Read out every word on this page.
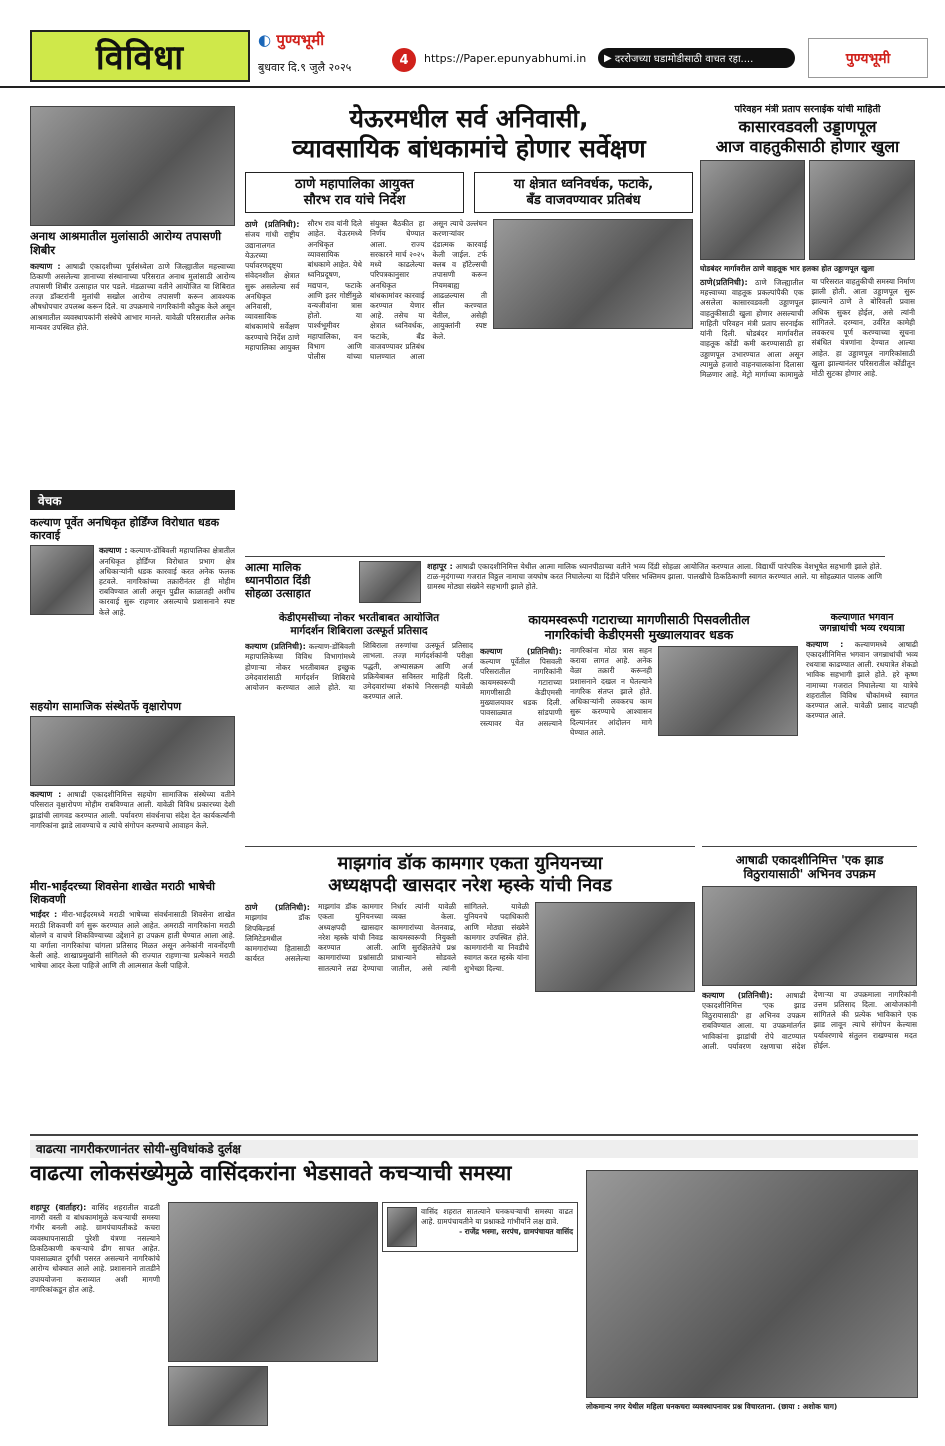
विविधा	◐ पुण्यभूमी
बुधवार दि.९ जुलै २०२५	4	https://Paper.epunyabhumi.in	▶ दररोजच्या घडामोडीसाठी वाचत रहा....	पुण्यभूमी
अनाथ आश्रमातील मुलांसाठी आरोग्य तपासणी शिबीर
कल्याण : आषाढी एकादशीच्या पूर्वसंध्येला ठाणे जिल्ह्यातील महत्त्वाच्या ठिकाणी असलेल्या ज्ञानाच्या संस्थानाच्या परिसरात अनाथ मुलांसाठी आरोग्य तपासणी शिबीर उत्साहात पार पडले. मंडळाच्या वतीने आयोजित या शिबिरात तज्ज्ञ डॉक्टरांनी मुलांची सखोल आरोग्य तपासणी करून आवश्यक औषधोपचार उपलब्ध करून दिले. या उपक्रमाचे नागरिकांनी कौतुक केले असून आश्रमातील व्यवस्थापकांनी संस्थेचे आभार मानले. यावेळी परिसरातील अनेक मान्यवर उपस्थित होते.
वेचक
कल्याण पूर्वेत अनधिकृत होर्डिंग्ज विरोधात धडक कारवाई
कल्याण : कल्याण-डोंबिवली महापालिका क्षेत्रातील अनधिकृत होर्डिंग्ज विरोधात प्रभाग क्षेत्र अधिकाऱ्यांनी धडक कारवाई करत अनेक फलक हटवले. नागरिकांच्या तक्रारीनंतर ही मोहीम राबविण्यात आली असून पुढील काळातही अशीच कारवाई सुरू राहणार असल्याचे प्रशासनाने स्पष्ट केले आहे.
सहयोग सामाजिक संस्थेतर्फे वृक्षारोपण
कल्याण : आषाढी एकादशीनिमित्त सहयोग सामाजिक संस्थेच्या वतीने परिसरात वृक्षारोपण मोहीम राबविण्यात आली. यावेळी विविध प्रकारच्या देशी झाडांची लागवड करण्यात आली. पर्यावरण संवर्धनाचा संदेश देत कार्यकर्त्यांनी नागरिकांना झाडे लावण्याचे व त्यांचे संगोपन करण्याचे आवाहन केले.
मीरा-भाईंदरच्या शिवसेना शाखेत मराठी भाषेची शिकवणी
भाईंदर : मीरा-भाईंदरमध्ये मराठी भाषेच्या संवर्धनासाठी शिवसेना शाखेत मराठी शिकवणी वर्ग सुरू करण्यात आले आहेत. अमराठी नागरिकांना मराठी बोलणे व वाचणे शिकविण्याच्या उद्देशाने हा उपक्रम हाती घेण्यात आला आहे. या वर्गाला नागरिकांचा चांगला प्रतिसाद मिळत असून अनेकांनी नावनोंदणी केली आहे. शाखाप्रमुखांनी सांगितले की राज्यात राहणाऱ्या प्रत्येकाने मराठी भाषेचा आदर केला पाहिजे आणि ती आत्मसात केली पाहिजे.
येऊरमधील सर्व अनिवासी,
व्यावसायिक बांधकामांचे होणार सर्वेक्षण
ठाणे महापालिका आयुक्त
सौरभ राव यांचे निर्देश
या क्षेत्रात ध्वनिवर्धक, फटाके,
बँड वाजवण्यावर प्रतिबंध
ठाणे (प्रतिनिधी): संजय गांधी राष्ट्रीय उद्यानालगत येऊरच्या पर्यावरणदृष्ट्या संवेदनशील क्षेत्रात सुरू असलेल्या सर्व अनधिकृत अनिवासी, व्यावसायिक बांधकामांचे सर्वेक्षण करण्याचे निर्देश ठाणे महापालिका आयुक्त सौरभ राव यांनी दिले आहेत. येऊरमध्ये अनधिकृत व्यावसायिक बांधकामे आहेत. येथे ध्वनिप्रदूषण, मद्यपान, फटाके आणि इतर गोष्टींमुळे वन्यजीवांना त्रास होतो. या पार्श्वभूमीवर महापालिका, वन विभाग आणि पोलीस यांच्या संयुक्त बैठकीत हा निर्णय घेण्यात आला. राज्य सरकारने मार्च २०२५ मध्ये काढलेल्या परिपत्रकानुसार अनधिकृत बांधकामांवर कारवाई करण्यात येणार आहे. तसेच या क्षेत्रात ध्वनिवर्धक, फटाके, बँड वाजवण्यावर प्रतिबंध घालण्यात आला असून त्याचे उल्लंघन करणाऱ्यांवर दंडात्मक कारवाई केली जाईल. टर्फ क्लब व हॉटेल्सची तपासणी करून नियमबाह्य आढळल्यास ती सील करण्यात येतील, असेही आयुक्तांनी स्पष्ट केले.
परिवहन मंत्री प्रताप सरनाईक यांची माहिती
कासारवडवली उड्डाणपूल
आज वाहतुकीसाठी होणार खुला
घोडबंदर मार्गावरील ठाणे वाहतूक भार हलका होत उड्डाणपूल खुला
ठाणे(प्रतिनिधी): ठाणे जिल्ह्यातील महत्त्वाच्या वाहतूक प्रकल्पांपैकी एक असलेला कासारवडवली उड्डाणपूल वाहतुकीसाठी खुला होणार असल्याची माहिती परिवहन मंत्री प्रताप सरनाईक यांनी दिली. घोडबंदर मार्गावरील वाहतूक कोंडी कमी करण्यासाठी हा उड्डाणपूल उभारण्यात आला असून त्यामुळे हजारो वाहनचालकांना दिलासा मिळणार आहे. मेट्रो मार्गाच्या कामामुळे या परिसरात वाहतुकीची समस्या निर्माण झाली होती. आता उड्डाणपूल सुरू झाल्याने ठाणे ते बोरिवली प्रवास अधिक सुकर होईल, असे त्यांनी सांगितले. दरम्यान, उर्वरित कामेही लवकरच पूर्ण करण्याच्या सूचना संबंधित यंत्रणांना देण्यात आल्या आहेत. हा उड्डाणपूल नागरिकांसाठी खुला झाल्यानंतर परिसरातील कोंडीतून मोठी सुटका होणार आहे.
आत्मा मालिक
ध्यानपीठात दिंडी
सोहळा उत्साहात
शहापूर : आषाढी एकादशीनिमित्त येथील आत्मा मालिक ध्यानपीठाच्या वतीने भव्य दिंडी सोहळा आयोजित करण्यात आला. विद्यार्थी पारंपरिक वेशभूषेत सहभागी झाले होते. टाळ-मृदंगाच्या गजरात विठ्ठल नामाचा जयघोष करत निघालेल्या या दिंडीने परिसर भक्तिमय झाला. पालखीचे ठिकठिकाणी स्वागत करण्यात आले. या सोहळ्यात पालक आणि ग्रामस्थ मोठ्या संख्येने सहभागी झाले होते.
केडीएमसीच्या नोकर भरतीबाबत आयोजित
मार्गदर्शन शिबिराला उत्स्फूर्त प्रतिसाद
कल्याण (प्रतिनिधी): कल्याण-डोंबिवली महापालिकेच्या विविध विभागांमध्ये होणाऱ्या नोकर भरतीबाबत इच्छुक उमेदवारांसाठी मार्गदर्शन शिबिराचे आयोजन करण्यात आले होते. या शिबिराला तरुणांचा उत्स्फूर्त प्रतिसाद लाभला. तज्ज्ञ मार्गदर्शकांनी परीक्षा पद्धती, अभ्यासक्रम आणि अर्ज प्रक्रियेबाबत सविस्तर माहिती दिली. उमेदवारांच्या शंकांचे निरसनही यावेळी करण्यात आले.
कायमस्वरूपी गटाराच्या मागणीसाठी पिसवलीतील
नागरिकांची केडीएमसी मुख्यालयावर धडक
कल्याण (प्रतिनिधी): कल्याण पूर्वेतील पिसवली परिसरातील नागरिकांनी कायमस्वरूपी गटाराच्या मागणीसाठी केडीएमसी मुख्यालयावर धडक दिली. पावसाळ्यात सांडपाणी रस्त्यावर येत असल्याने नागरिकांना मोठा त्रास सहन करावा लागत आहे. अनेक वेळा तक्रारी करूनही प्रशासनाने दखल न घेतल्याने नागरिक संतप्त झाले होते. अधिकाऱ्यांनी लवकरच काम सुरू करण्याचे आश्वासन दिल्यानंतर आंदोलन मागे घेण्यात आले.
कल्याणात भगवान
जगन्नाथांची भव्य रथयात्रा
कल्याण : कल्याणमध्ये आषाढी एकादशीनिमित्त भगवान जगन्नाथांची भव्य रथयात्रा काढण्यात आली. रथयात्रेत शेकडो भाविक सहभागी झाले होते. हरे कृष्ण नामाच्या गजरात निघालेल्या या यात्रेचे शहरातील विविध चौकांमध्ये स्वागत करण्यात आले. यावेळी प्रसाद वाटपही करण्यात आले.
माझगांव डॉक कामगार एकता युनियनच्या
अध्यक्षपदी खासदार नरेश म्हस्के यांची निवड
ठाणे (प्रतिनिधी): माझगांव डॉक शिपबिल्डर्स लिमिटेडमधील कामगारांच्या हितासाठी कार्यरत असलेल्या माझगांव डॉक कामगार एकता युनियनच्या अध्यक्षपदी खासदार नरेश म्हस्के यांची निवड करण्यात आली. कामगारांच्या प्रश्नांसाठी सातत्याने लढा देण्याचा निर्धार त्यांनी यावेळी व्यक्त केला. कामगारांच्या वेतनवाढ, कायमस्वरूपी नियुक्ती आणि सुरक्षिततेचे प्रश्न प्राधान्याने सोडवले जातील, असे त्यांनी सांगितले. यावेळी युनियनचे पदाधिकारी आणि मोठ्या संख्येने कामगार उपस्थित होते. कामगारांनी या निवडीचे स्वागत करत म्हस्के यांना शुभेच्छा दिल्या.
आषाढी एकादशीनिमित्त 'एक झाड
विठुरायासाठी' अभिनव उपक्रम
कल्याण (प्रतिनिधी): आषाढी एकादशीनिमित्त 'एक झाड विठुरायासाठी' हा अभिनव उपक्रम राबविण्यात आला. या उपक्रमांतर्गत भाविकांना झाडांची रोपे वाटण्यात आली. पर्यावरण रक्षणाचा संदेश देणाऱ्या या उपक्रमाला नागरिकांनी उत्तम प्रतिसाद दिला. आयोजकांनी सांगितले की प्रत्येक भाविकाने एक झाड लावून त्याचे संगोपन केल्यास पर्यावरणाचे संतुलन राखण्यास मदत होईल.
वाढत्या नागरीकरणानंतर सोयी-सुविधांकडे दुर्लक्ष
वाढत्या लोकसंख्येमुळे वासिंदकरांना भेडसावते कचऱ्याची समस्या
शहापूर (वार्ताहर): वासिंद शहरातील वाढती नागरी वस्ती व बांधकामांमुळे कचऱ्याची समस्या गंभीर बनली आहे. ग्रामपंचायतीकडे कचरा व्यवस्थापनासाठी पुरेशी यंत्रणा नसल्याने ठिकठिकाणी कचऱ्याचे ढीग साचत आहेत. पावसाळ्यात दुर्गंधी पसरत असल्याने नागरिकांचे आरोग्य धोक्यात आले आहे. प्रशासनाने तातडीने उपाययोजना कराव्यात अशी मागणी नागरिकांकडून होत आहे.
वासिंद शहरात सातत्याने घनकचऱ्याची समस्या वाढत आहे. ग्रामपंचायतीने या प्रश्नाकडे गांभीर्याने लक्ष द्यावे.
- राजेंद्र भस्मा, सरपंच, ग्रामपंचायत वासिंद
लोकमान्य नगर येथील महिला घनकचरा व्यवस्थापनावर प्रश्न विचारताना. (छाया : अशोक घाग)
